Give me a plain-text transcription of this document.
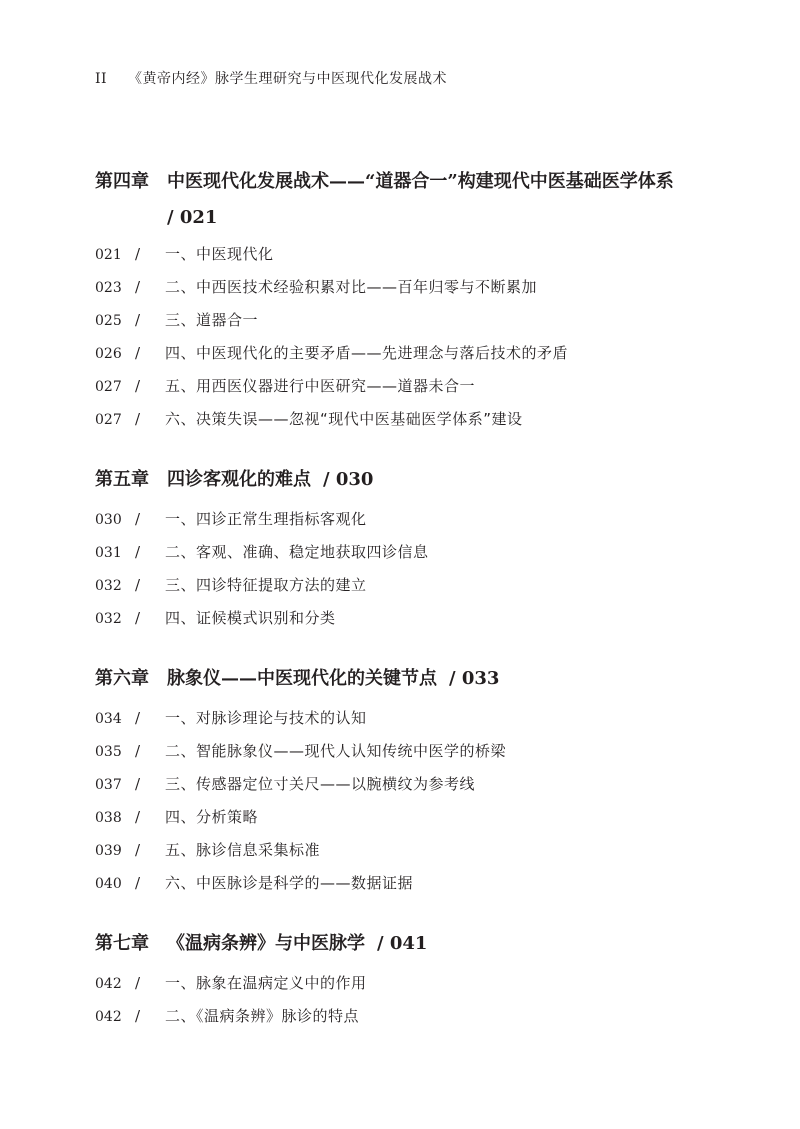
II 《黄帝内经》脉学生理研究与中医现代化发展战术
第四章 中医现代化发展战术——“道器合一”构建现代中医基础医学体系
/ 021
021 / 一、中医现代化
023 / 二、中西医技术经验积累对比——百年归零与不断累加
025 / 三、道器合一
026 / 四、中医现代化的主要矛盾——先进理念与落后技术的矛盾
027 / 五、用西医仪器进行中医研究——道器未合一
027 / 六、决策失误——忽视“现代中医基础医学体系”建设
第五章 四诊客观化的难点 / 030
030 / 一、四诊正常生理指标客观化
031 / 二、客观、准确、稳定地获取四诊信息
032 / 三、四诊特征提取方法的建立
032 / 四、证候模式识别和分类
第六章 脉象仪——中医现代化的关键节点 / 033
034 / 一、对脉诊理论与技术的认知
035 / 二、智能脉象仪——现代人认知传统中医学的桥梁
037 / 三、传感器定位寸关尺——以腕横纹为参考线
038 / 四、分析策略
039 / 五、脉诊信息采集标准
040 / 六、中医脉诊是科学的——数据证据
第七章 《温病条辨》与中医脉学 / 041
042 / 一、脉象在温病定义中的作用
042 / 二、《温病条辨》脉诊的特点
